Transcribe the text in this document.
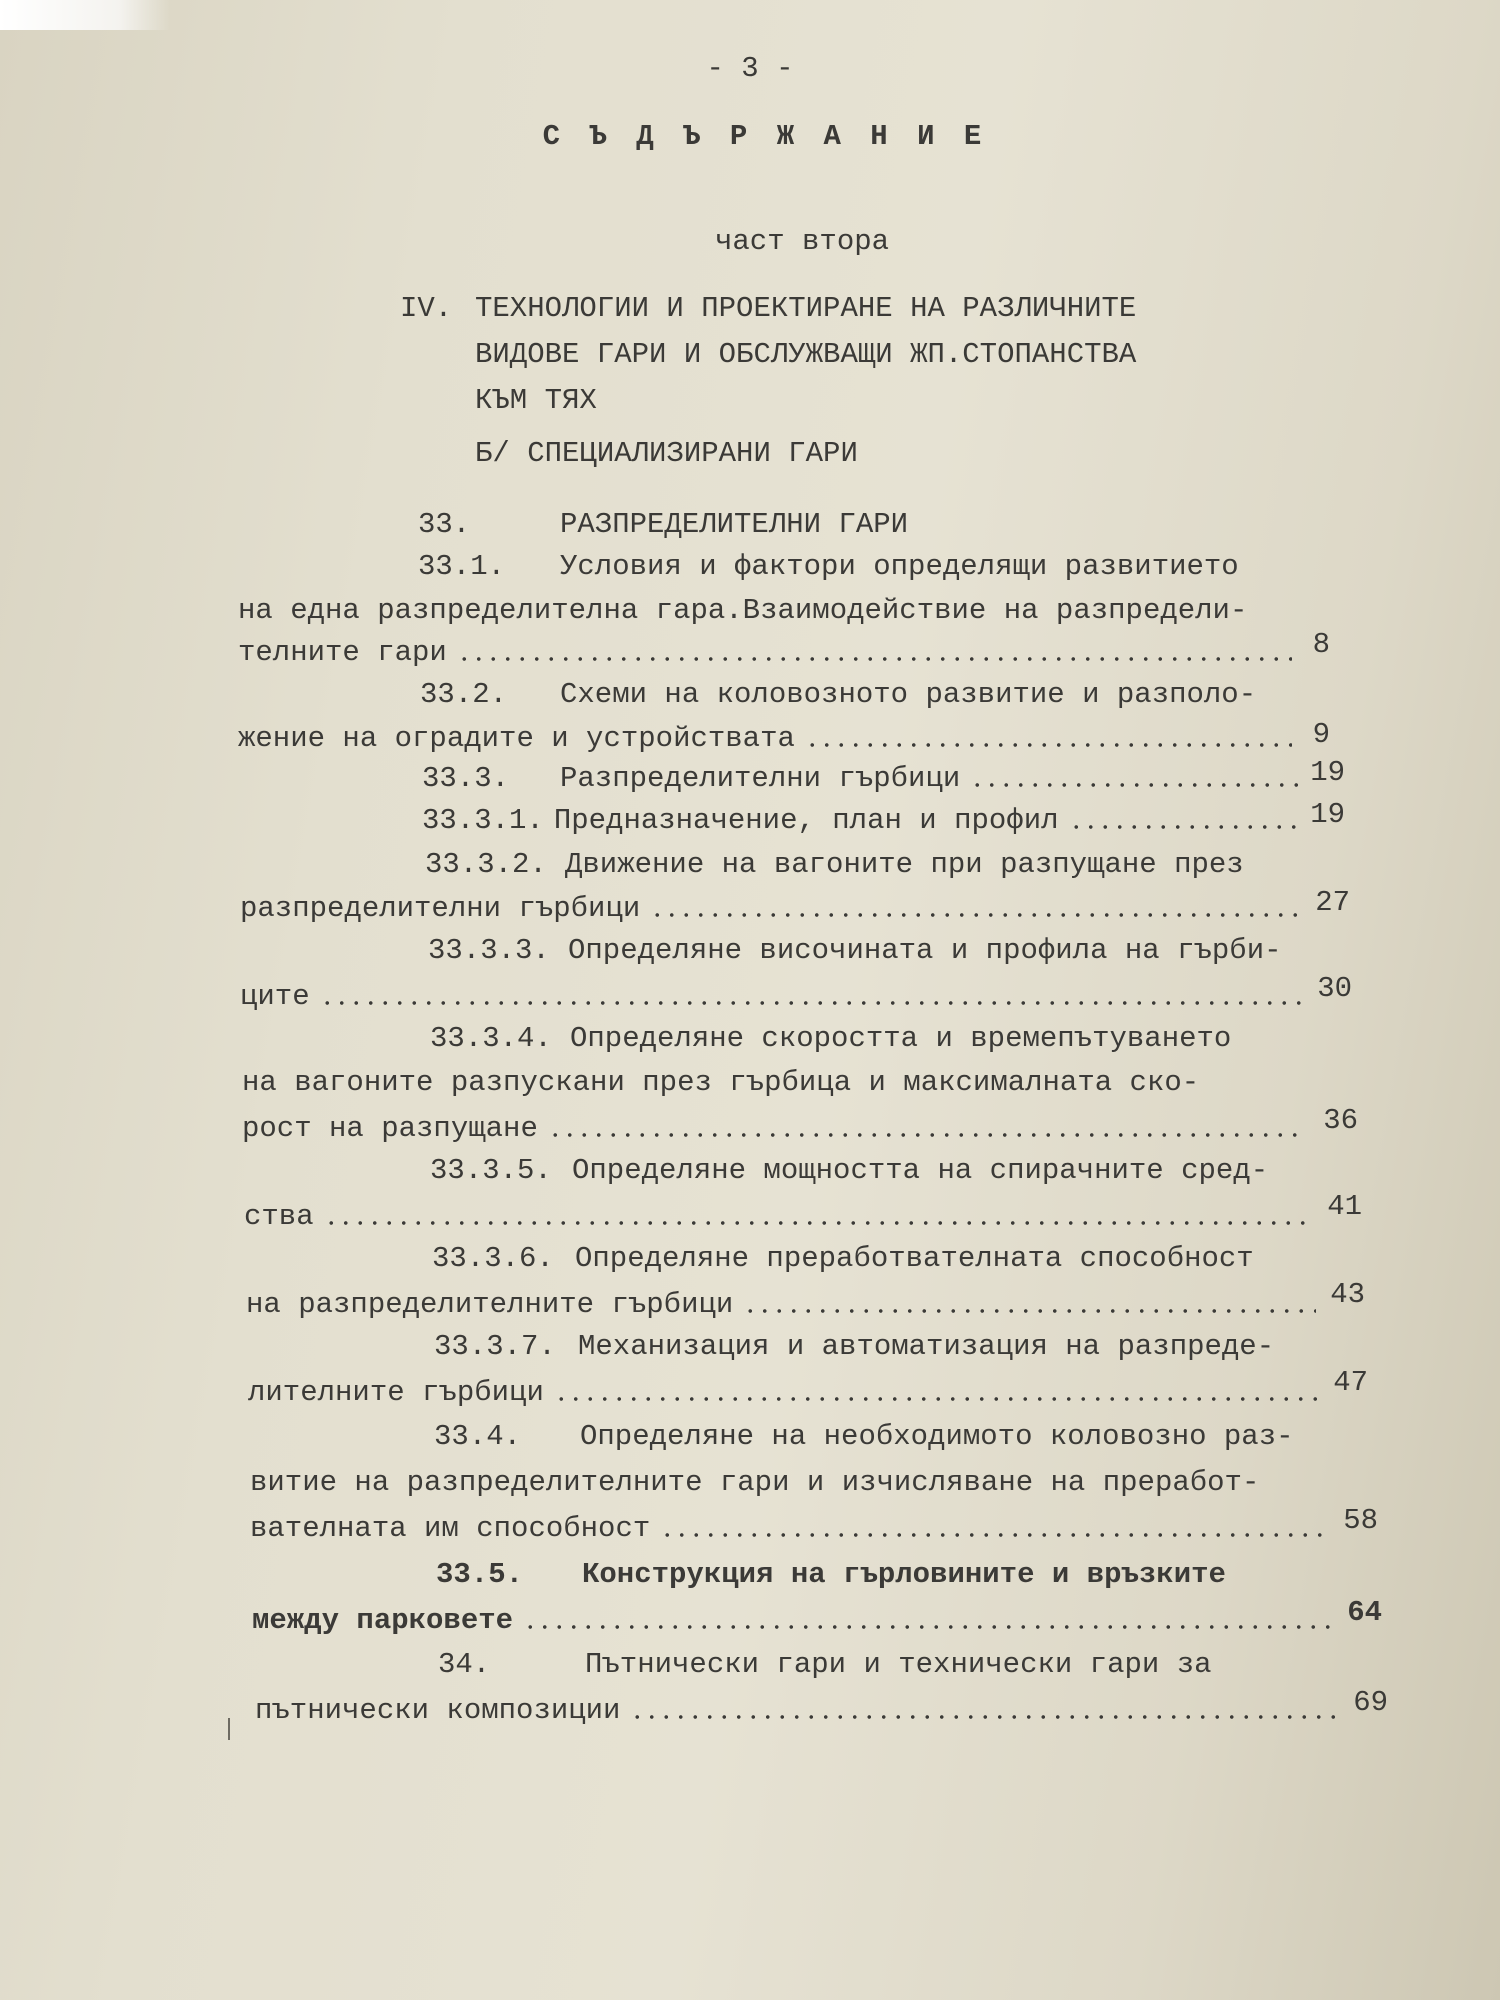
- 3 -

С Ъ Д Ъ Р Ж А Н И Е

част втора

IV. ТЕХНОЛОГИИ И ПРОЕКТИРАНЕ НА РАЗЛИЧНИТЕ
ВИДОВЕ ГАРИ И ОБСЛУЖВАЩИ ЖП.СТОПАНСТВА
КЪМ ТЯХ

Б/ СПЕЦИАЛИЗИРАНИ ГАРИ

33.	РАЗПРЕДЕЛИТЕЛНИ ГАРИ
33.1. Условия и фактори определящи развитието
на една разпределителна гара.Взаимодействие на разпредели-
телните гари	8
33.2. Схеми на коловозното развитие и разполо-
жение на оградите и устройствата	9
33.3.	Разпределителни гърбици	19
33.3.1. Предназначение, план и профил	19
33.3.2. Движение на вагоните при разпущане през
разпределителни гърбици	27
33.3.3. Определяне височината и профила на гърби-
ците	30
33.3.4. Определяне скоростта и времепътуването
на вагоните разпускани през гърбица и максималната ско-
рост на разпущане	36
33.3.5. Определяне мощността на спирачните сред-
ства	41
33.3.6. Определяне преработвателната способност
на разпределителните гърбици	43
33.3.7. Механизация и автоматизация на разпреде-
лителните гърбици	47
33.4. Определяне на необходимото коловозно раз-
витие на разпределителните гари и изчисляване на преработ-
вателната им способност	58
33.5. Конструкция на гърловините и връзките
между парковете	64
34.	Пътнически гари и технически гари за
пътнически композиции	69
